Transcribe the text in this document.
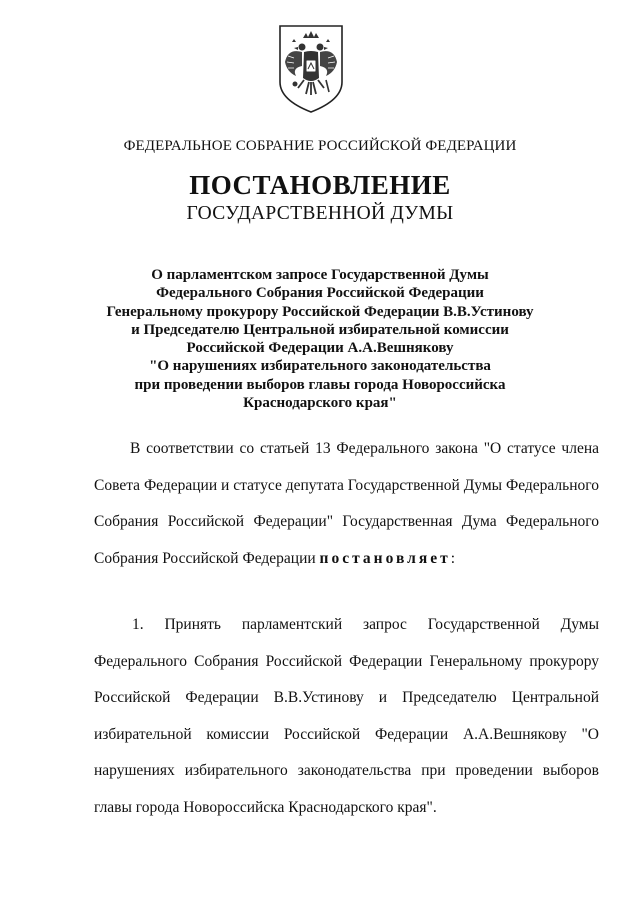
ФЕДЕРАЛЬНОЕ СОБРАНИЕ РОССИЙСКОЙ ФЕДЕРАЦИИ
ПОСТАНОВЛЕНИЕ
ГОСУДАРСТВЕННОЙ ДУМЫ
О парламентском запросе Государственной Думы
Федерального Собрания Российской Федерации
Генеральному прокурору Российской Федерации В.В.Устинову
и Председателю Центральной избирательной комиссии
Российской Федерации А.А.Вешнякову
"О нарушениях избирательного законодательства
при проведении выборов главы города Новороссийска
Краснодарского края"
В соответствии со статьей 13 Федерального закона "О статусе члена Совета Федерации и статусе депутата Государственной Думы Федерального Собрания Российской Федерации" Государственная Дума Федерального Собрания Российской Федерации постановляет:
1. Принять парламентский запрос Государственной Думы Федерального Собрания Российской Федерации Генеральному прокурору Российской Федерации В.В.Устинову и Председателю Центральной избирательной комиссии Российской Федерации А.А.Вешнякову "О нарушениях избирательного законодательства при проведении выборов главы города Новороссийска Краснодарского края".
